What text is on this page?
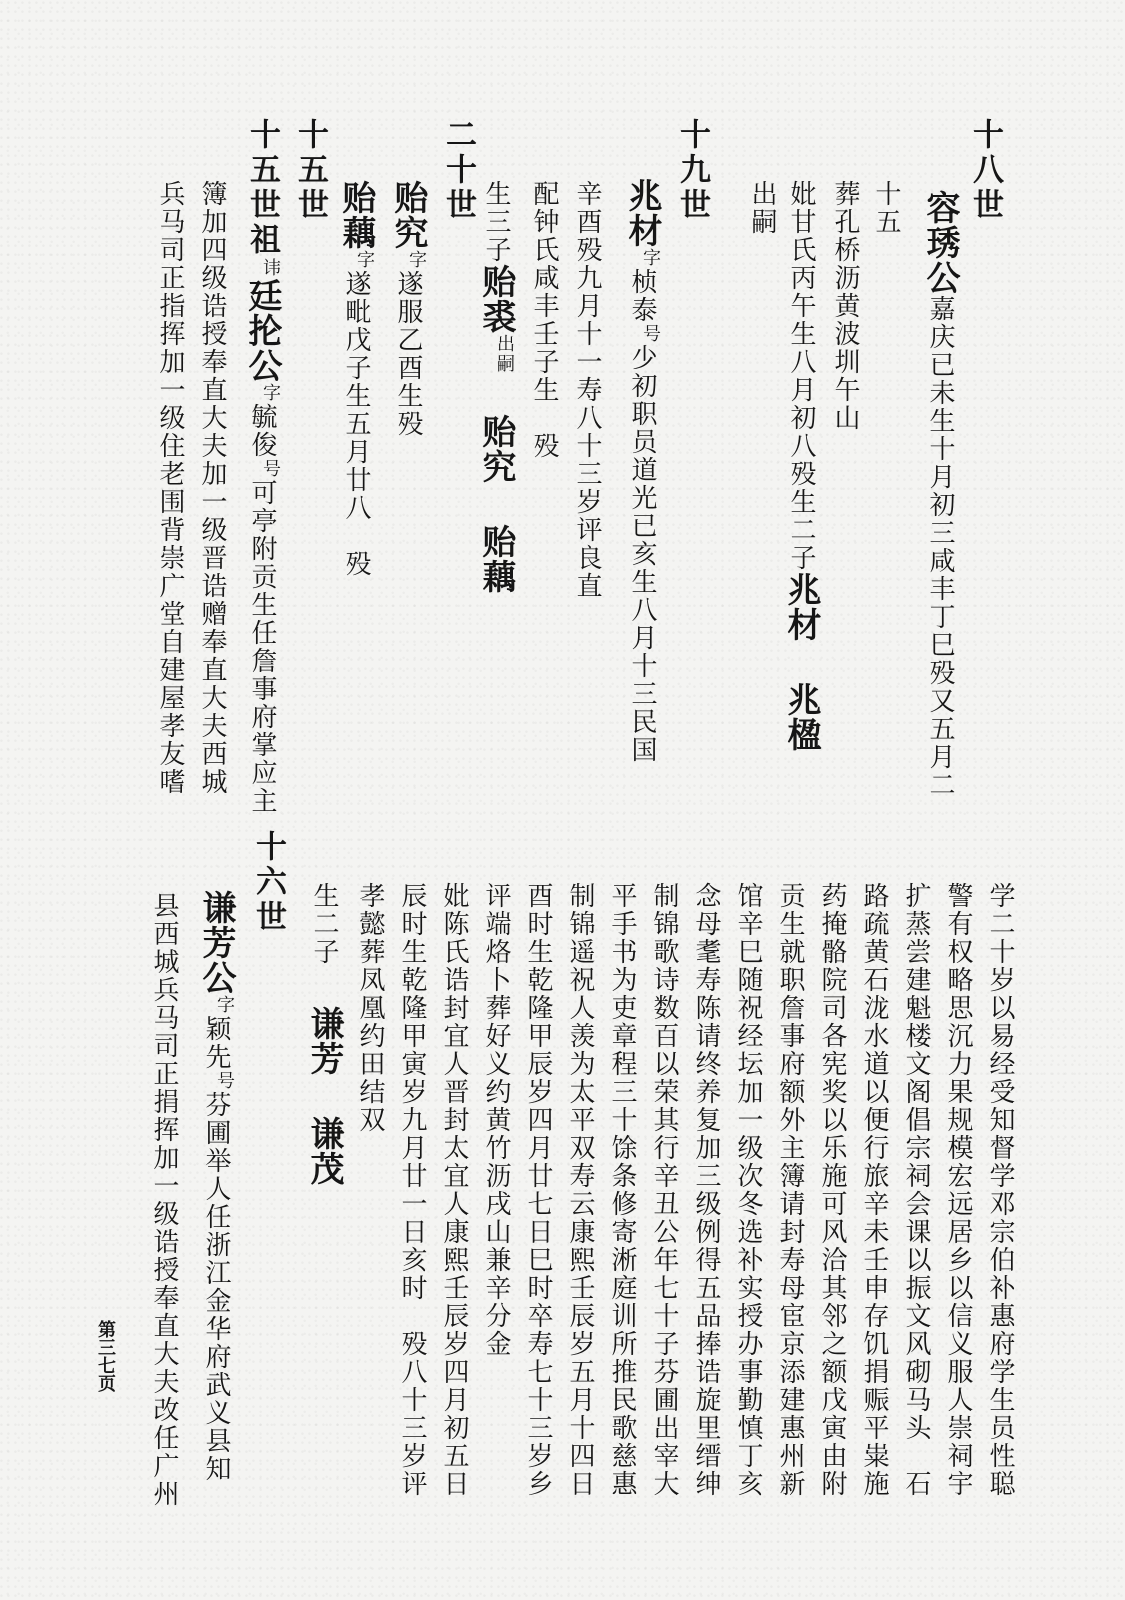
十八世
容琇公嘉庆已未生十月初三咸丰丁巳殁又五月二
十五
葬孔桥沥黄波圳午山
妣甘氏丙午生八月初八殁生二子兆材兆楹
出嗣
十九世
兆材字桢泰号少初职员道光已亥生八月十三民国
辛酉殁九月十一寿八十三岁评良直
配钟氏咸丰壬子生　殁
生三子贻裘出嗣贻究贻藕
二十世
贻究字遂服乙酉生殁
贻藕字遂毗戊子生五月廿八　殁
十五世
十五世祖讳廷抡公字毓俊号可亭附贡生任詹事府掌应主
簿加四级诰授奉直大夫加一级晋诰赠奉直大夫西城
兵马司正指挥加一级住老围背崇广堂自建屋孝友嗜
学二十岁以易经受知督学邓宗伯补惠府学生员性聪
警有权略思沉力果规模宏远居乡以信义服人崇祠宇
扩蒸尝建魁楼文阁倡宗祠会课以振文风砌马头　石
路疏黄石泷水道以便行旅辛未壬申存饥捐赈平粜施
药掩骼院司各宪奖以乐施可风洽其邻之额戊寅由附
贡生就职詹事府额外主簿请封寿母宦京添建惠州新
馆辛巳随祝经坛加一级次冬选补实授办事勤慎丁亥
念母耄寿陈请终养复加三级例得五品捧诰旋里缙绅
制锦歌诗数百以荣其行辛丑公年七十子芬圃出宰大
平手书为吏章程三十馀条修寄淅庭训所推民歌慈惠
制锦遥祝人羡为太平双寿云康熙壬辰岁五月十四日
酉时生乾隆甲辰岁四月廿七日巳时卒寿七十三岁乡
评端烙卜葬好义约黄竹沥戌山兼辛分金
妣陈氏诰封宜人晋封太宜人康熙壬辰岁四月初五日
辰时生乾隆甲寅岁九月廿一日亥时　殁八十三岁评
孝懿葬凤凰约田结双
生二子谦芳谦茂
十六世
谦芳公字颖先号芬圃举人任浙江金华府武义县知
县西城兵马司正捐挥加一级诰授奉直大夫改任广州
第三七页
